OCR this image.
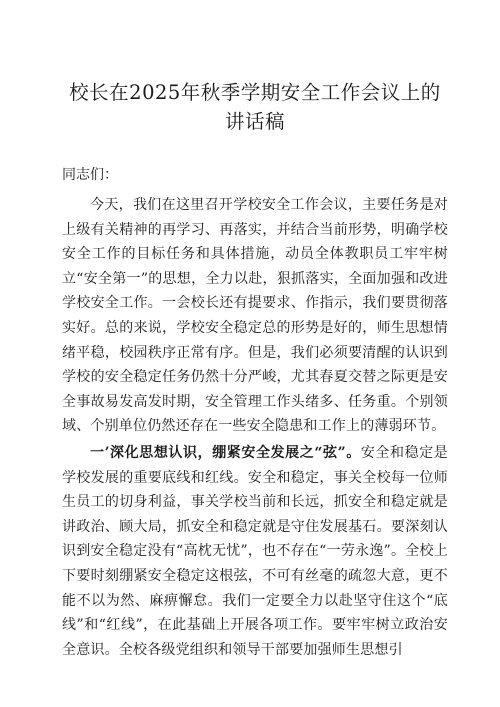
校长在2025年秋季学期安全工作会议上的
讲话稿

同志们：

今天，我们在这里召开学校安全工作会议，主要任务是对上级有关精神的再学习、再落实，并结合当前形势，明确学校安全工作的目标任务和具体措施，动员全体教职员工牢牢树立“安全第一”的思想，全力以赴，狠抓落实，全面加强和改进学校安全工作。一会校长还有提要求、作指示，我们要贯彻落实好。总的来说，学校安全稳定总的形势是好的，师生思想情绪平稳，校园秩序正常有序。但是，我们必须要清醒的认识到学校的安全稳定任务仍然十分严峻，尤其春夏交替之际更是安全事故易发高发时期，安全管理工作头绪多、任务重。个别领域、个别单位仍然还存在一些安全隐患和工作上的薄弱环节。

一’深化思想认识，绷紧安全发展之“弦”。安全和稳定是学校发展的重要底线和红线。安全和稳定，事关全校每一位师生员工的切身利益，事关学校当前和长远，抓安全和稳定就是讲政治、顾大局，抓安全和稳定就是守住发展基石。要深刻认识到安全稳定没有“高枕无忧”，也不存在“一劳永逸”。全校上下要时刻绷紧安全稳定这根弦，不可有丝毫的疏忽大意，更不能不以为然、麻痹懈怠。我们一定要全力以赴坚守住这个“底线”和“红线”，在此基础上开展各项工作。要牢牢树立政治安全意识。全校各级党组织和领导干部要加强师生思想引
